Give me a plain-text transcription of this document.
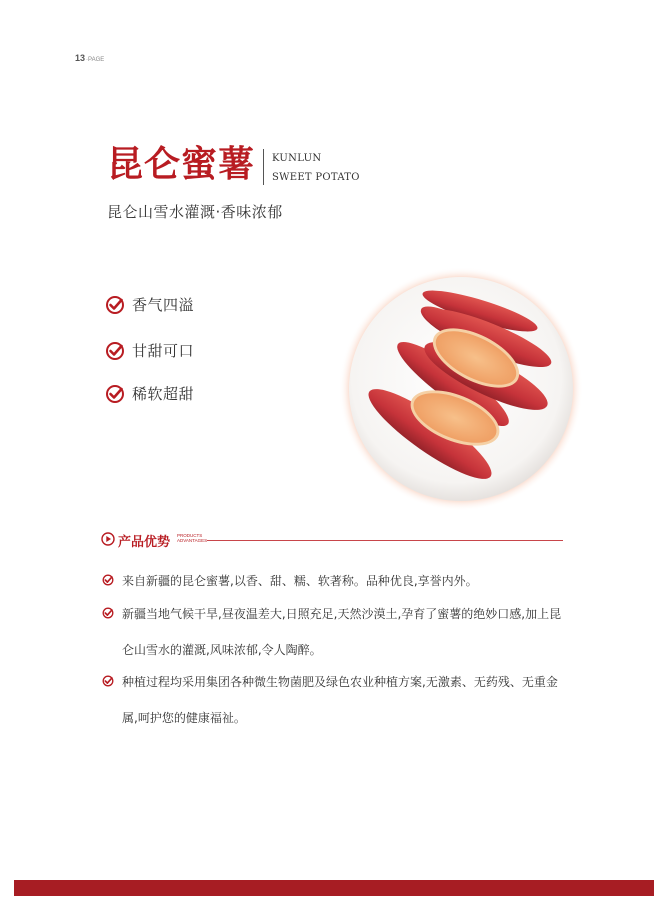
13·PAGE
昆仑蜜薯 KUNLUN
SWEET POTATO
昆仑山雪水灌溉·香味浓郁
香气四溢
甘甜可口
稀软超甜
产品优势 PRODUCTS
ADVANTAGES
来自新疆的昆仑蜜薯,以香、甜、糯、软著称。品种优良,享誉内外。
新疆当地气候干旱,昼夜温差大,日照充足,天然沙漠土,孕育了蜜薯的绝妙口感,加上昆仑山雪水的灌溉,风味浓郁,令人陶醉。
种植过程均采用集团各种微生物菌肥及绿色农业种植方案,无激素、无药残、无重金属,呵护您的健康福祉。
